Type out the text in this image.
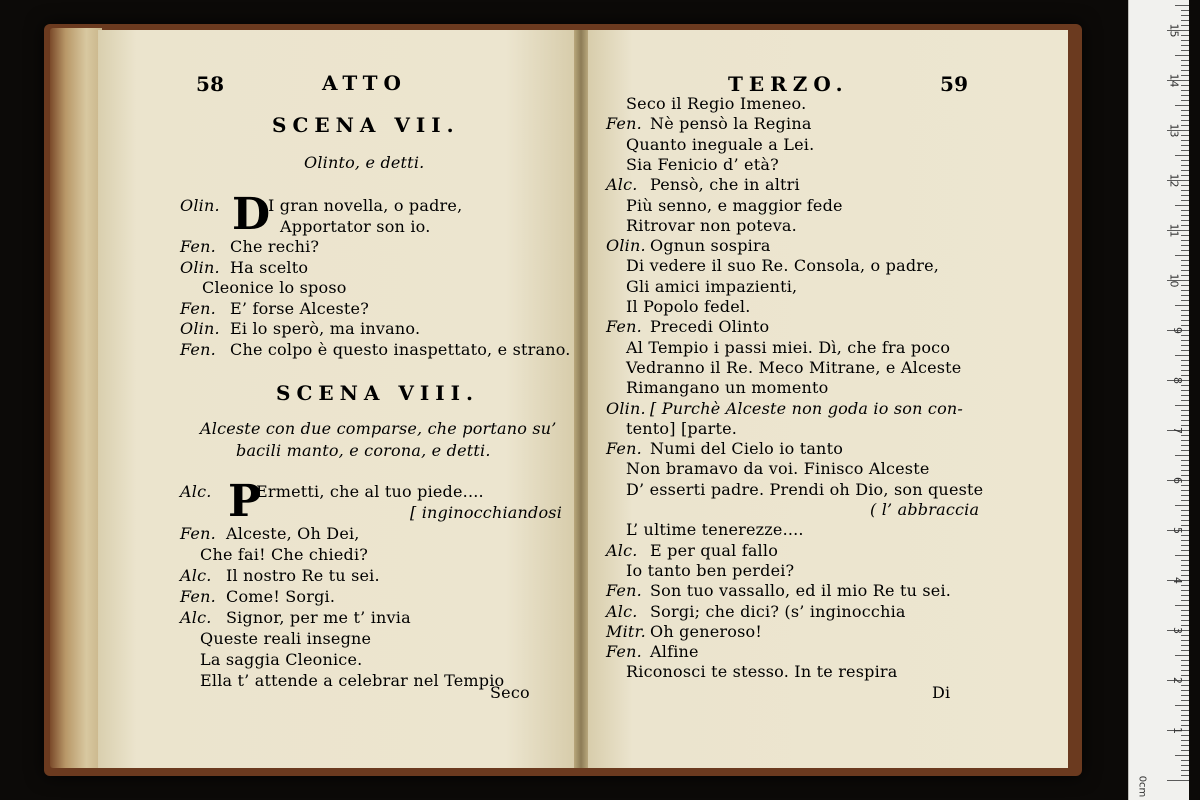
58	ATTO
SCENA VII.
Olinto, e detti.
D
Olin.	I gran novella, o padre,
Apportator son io.
Fen. Che rechi?
Olin. Ha scelto
Cleonice lo sposo
Fen. E’ forse Alceste?
Olin. Ei lo sperò, ma invano.
Fen. Che colpo è questo inaspettato, e strano.
SCENA VIII.
Alceste con due comparse, che portano su’
bacili manto, e corona, e detti.
P
Alc.	Ermetti, che al tuo piede....
[ inginocchiandosi
Fen. Alceste, Oh Dei,
Che fai! Che chiedi?
Alc. Il nostro Re tu sei.
Fen. Come! Sorgi.
Alc. Signor, per me t’ invia
Queste reali insegne
La saggia Cleonice.
Ella t’ attende a celebrar nel Tempio
Seco
TERZO.	59
Seco il Regio Imeneo.
Fen. Nè pensò la Regina
Quanto ineguale a Lei.
Sia Fenicio d’ età?
Alc. Pensò, che in altri
Più senno, e maggior fede
Ritrovar non poteva.
Olin. Ognun sospira
Di vedere il suo Re. Consola, o padre,
Gli amici impazienti,
Il Popolo fedel.
Fen. Precedi Olinto
Al Tempio i passi miei. Dì, che fra poco
Vedranno il Re. Meco Mitrane, e Alceste
Rimangano un momento
Olin. [ Purchè Alceste non goda io son con-
tento] [parte.
Fen. Numi del Cielo io tanto
Non bramavo da voi. Finisco Alceste
D’ esserti padre. Prendi oh Dio, son queste
( l’ abbraccia
L’ ultime tenerezze....
Alc. E per qual fallo
Io tanto ben perdei?
Fen. Son tuo vassallo, ed il mio Re tu sei.
Alc. Sorgi; che dici? (s’ inginocchia
Mitr. Oh generoso!
Fen. Alfine
Riconosci te stesso. In te respira
Di
0cm
1
2
3
4
5
6
7
8
9
10
11
12
13
14
15
